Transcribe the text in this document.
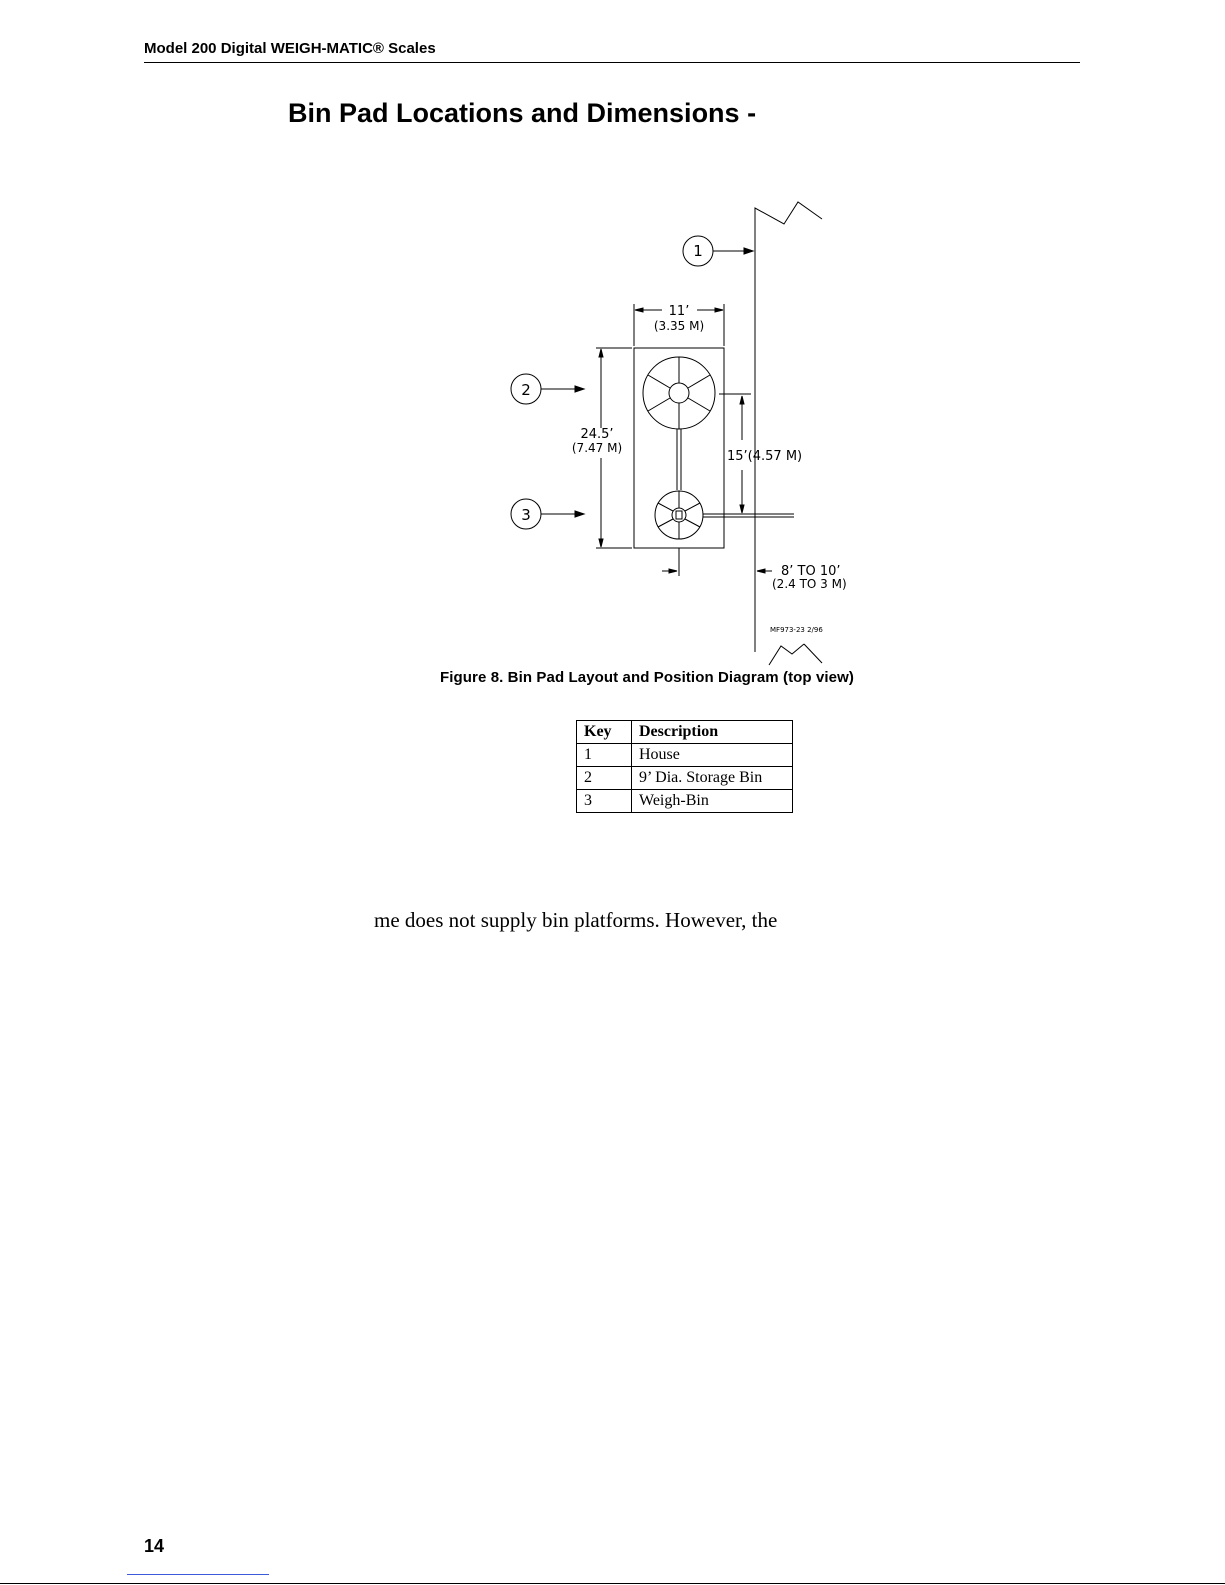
Model 200 Digital WEIGH-MATIC® Scales
Bin Pad Locations and Dimensions -
1
2
3
11’
(3.35 M)
24.5’
(7.47 M)
15’(4.57 M)
8’ TO 10’
(2.4 TO 3 M)
MF973-23 2/96
Figure 8. Bin Pad Layout and Position Diagram (top view)
Key	Description
1	House
2	9’ Dia. Storage Bin
3	Weigh-Bin
me does not supply bin platforms. However, the
14
